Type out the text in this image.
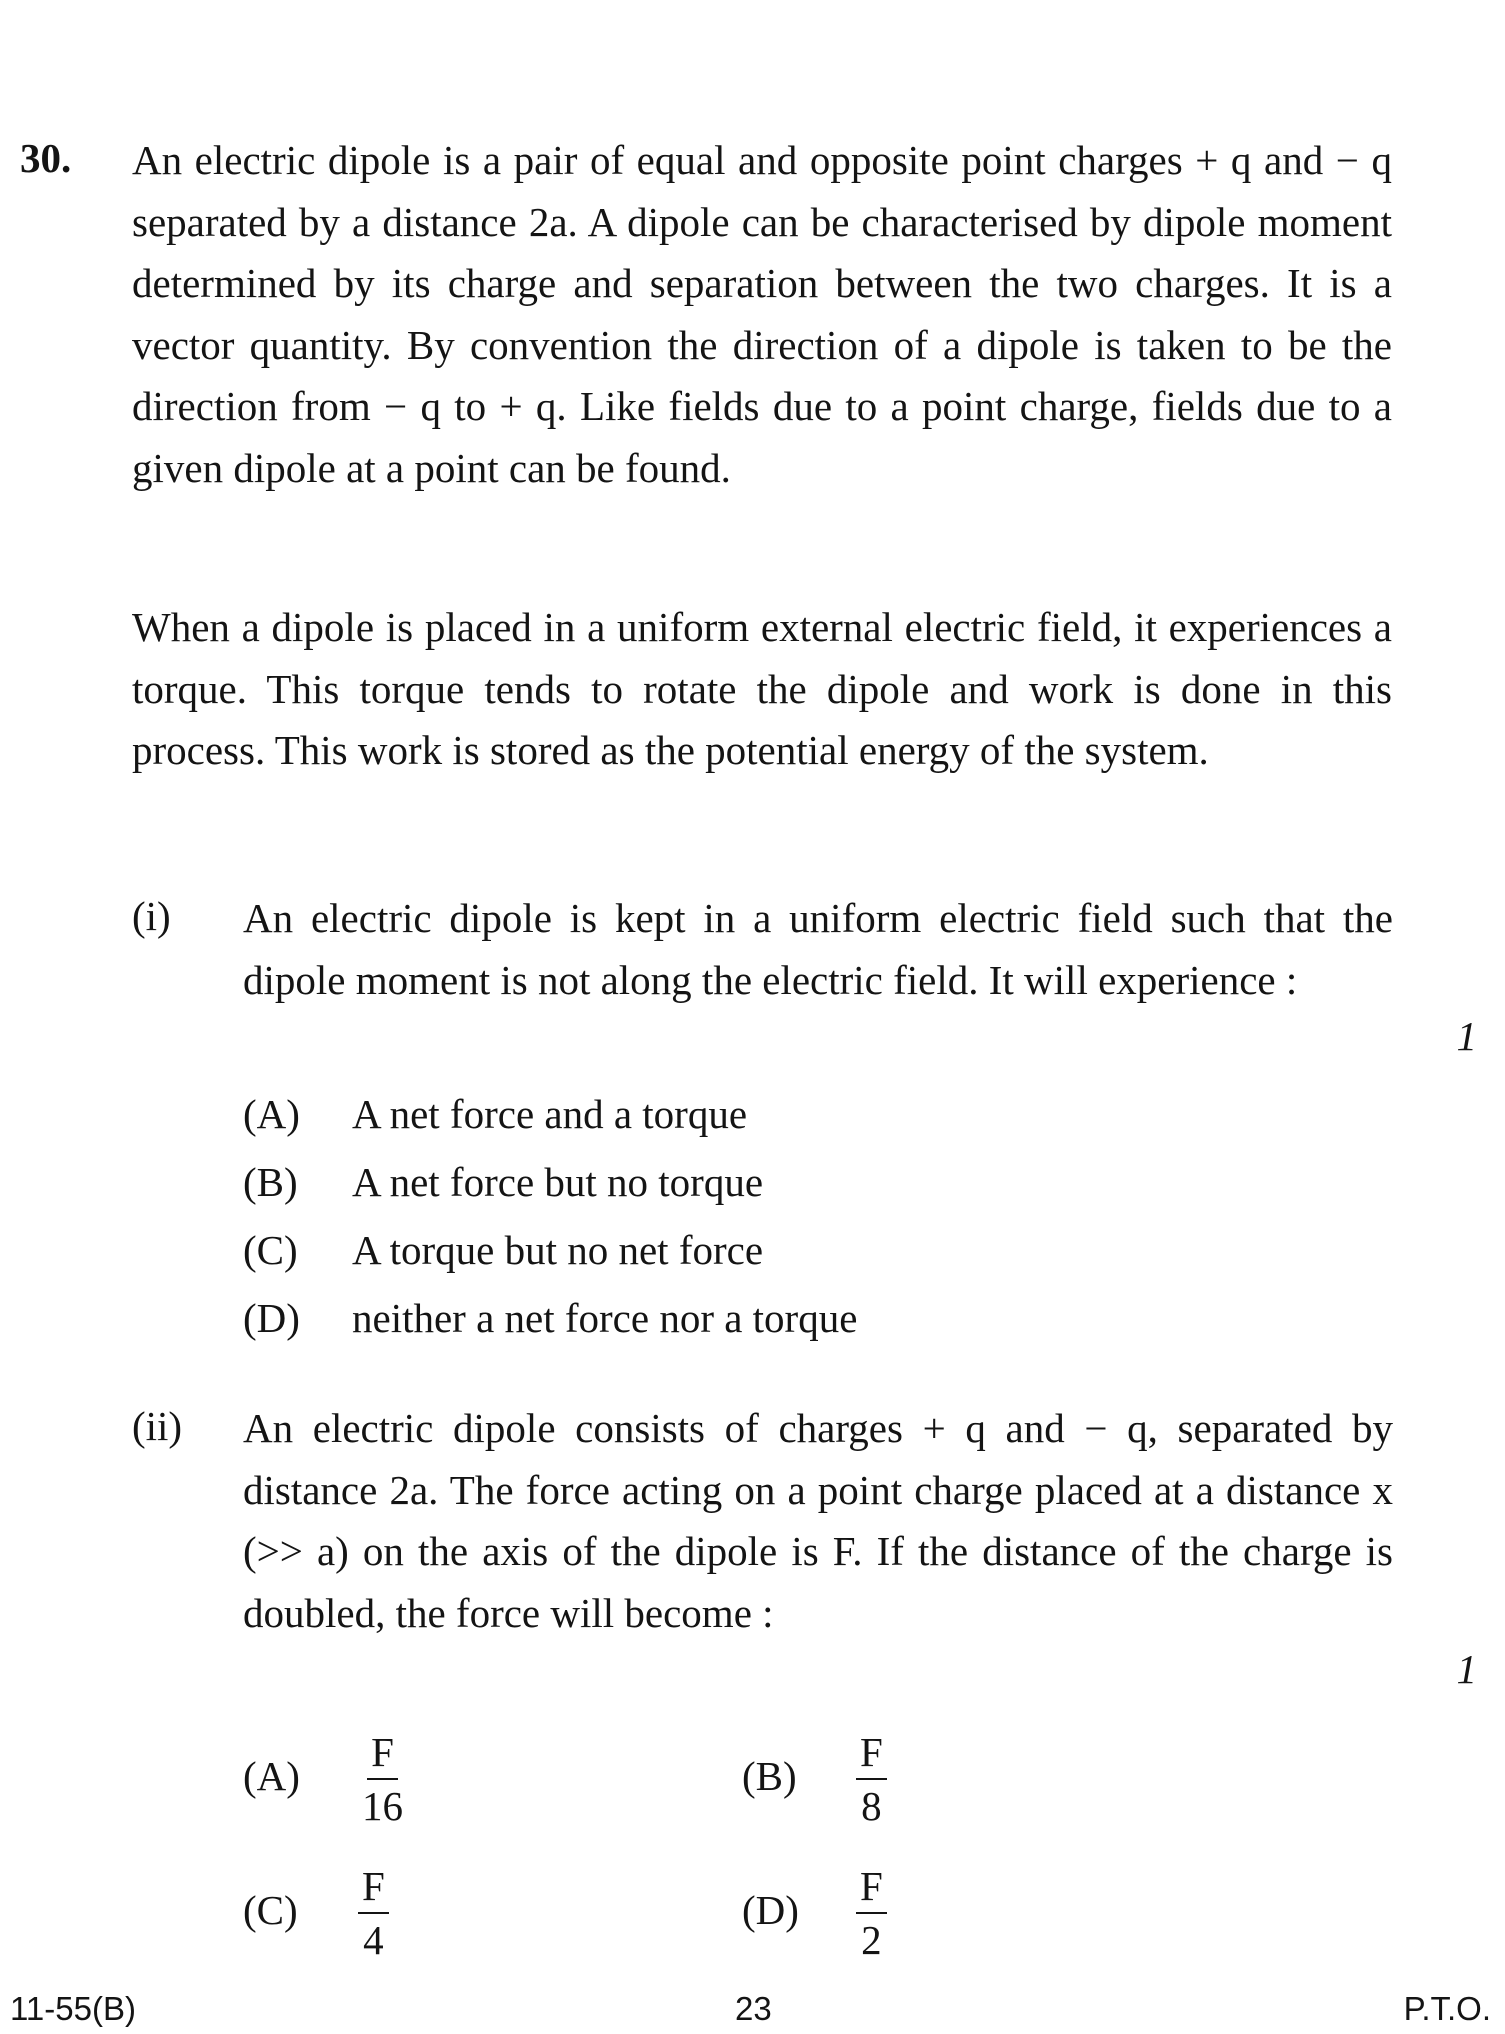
30. An electric dipole is a pair of equal and opposite point charges + q and − q separated by a distance 2a. A dipole can be characterised by dipole moment determined by its charge and separation between the two charges. It is a vector quantity. By convention the direction of a dipole is taken to be the direction from − q to + q. Like fields due to a point charge, fields due to a given dipole at a point can be found.

When a dipole is placed in a uniform external electric field, it experiences a torque. This torque tends to rotate the dipole and work is done in this process. This work is stored as the potential energy of the system.

(i) An electric dipole is kept in a uniform electric field such that the dipole moment is not along the electric field. It will experience :

1
(A) A net force and a torque
(B) A net force but no torque
(C) A torque but no net force
(D) neither a net force nor a torque
(ii) An electric dipole consists of charges + q and − q, separated by distance 2a. The force acting on a point charge placed at a distance x (>> a) on the axis of the dipole is F. If the distance of the charge is doubled, the force will become :

1
$(A) \frac{F}{16}$	$(B) \frac{F}{8}$
$(C) \frac{F}{4}$	$(D) \frac{F}{2}$
11-55(B)	23	P.T.O.
